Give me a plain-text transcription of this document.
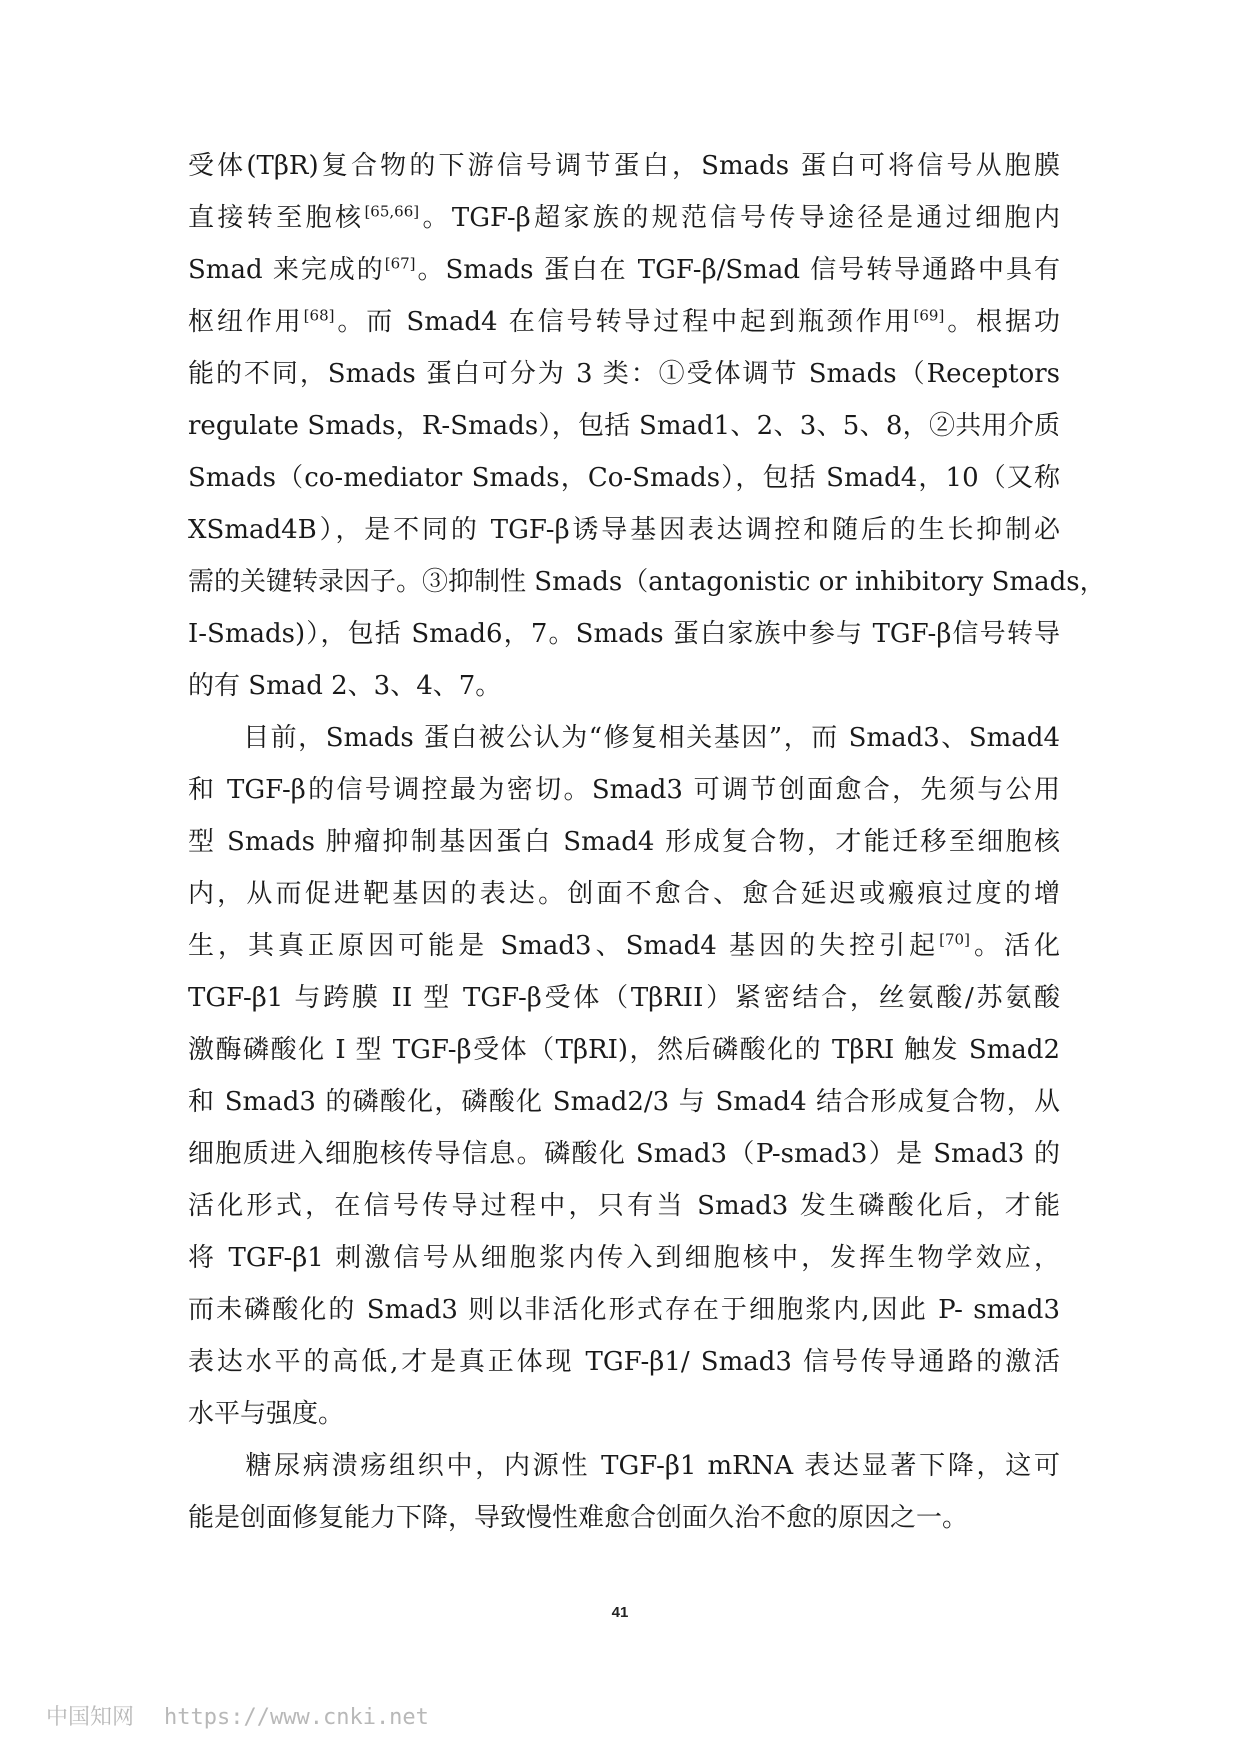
受体(TβR)复合物的下游信号调节蛋白，Smads 蛋白可将信号从胞膜
直接转至胞核[65,66]。TGF-β超家族的规范信号传导途径是通过细胞内
Smad 来完成的[67]。Smads 蛋白在 TGF-β/Smad 信号转导通路中具有
枢纽作用[68]。而 Smad4 在信号转导过程中起到瓶颈作用[69]。根据功
能的不同，Smads 蛋白可分为 3 类：①受体调节 Smads（Receptors
regulate Smads，R-Smads），包括 Smad1、2、3、5、8，②共用介质
Smads（co-mediator Smads，Co-Smads），包括 Smad4，10（又称
XSmad4B），是不同的 TGF-β诱导基因表达调控和随后的生长抑制必
需的关键转录因子。③抑制性 Smads（antagonistic or inhibitory Smads，
I-Smads)），包括 Smad6，7。Smads 蛋白家族中参与 TGF-β信号转导
的有 Smad 2、3、4、7。
　　目前，Smads 蛋白被公认为“修复相关基因”，而 Smad3、Smad4
和 TGF-β的信号调控最为密切。Smad3 可调节创面愈合，先须与公用
型 Smads 肿瘤抑制基因蛋白 Smad4 形成复合物，才能迁移至细胞核
内，从而促进靶基因的表达。创面不愈合、愈合延迟或瘢痕过度的增
生，其真正原因可能是 Smad3、Smad4 基因的失控引起[70]。活化
TGF-β1 与跨膜 II 型 TGF-β受体（TβRII）紧密结合，丝氨酸/苏氨酸
激酶磷酸化 I 型 TGF-β受体（TβRI)，然后磷酸化的 TβRI 触发 Smad2
和 Smad3 的磷酸化，磷酸化 Smad2/3 与 Smad4 结合形成复合物，从
细胞质进入细胞核传导信息。磷酸化 Smad3（P-smad3）是 Smad3 的
活化形式，在信号传导过程中，只有当 Smad3 发生磷酸化后，才能
将 TGF-β1 刺激信号从细胞浆内传入到细胞核中，发挥生物学效应，
而未磷酸化的 Smad3 则以非活化形式存在于细胞浆内,因此 P- smad3
表达水平的高低,才是真正体现 TGF-β1/ Smad3 信号传导通路的激活
水平与强度。
　　糖尿病溃疡组织中，内源性 TGF-β1 mRNA 表达显著下降，这可
能是创面修复能力下降，导致慢性难愈合创面久治不愈的原因之一。
41
中国知网 https://www.cnki.net
